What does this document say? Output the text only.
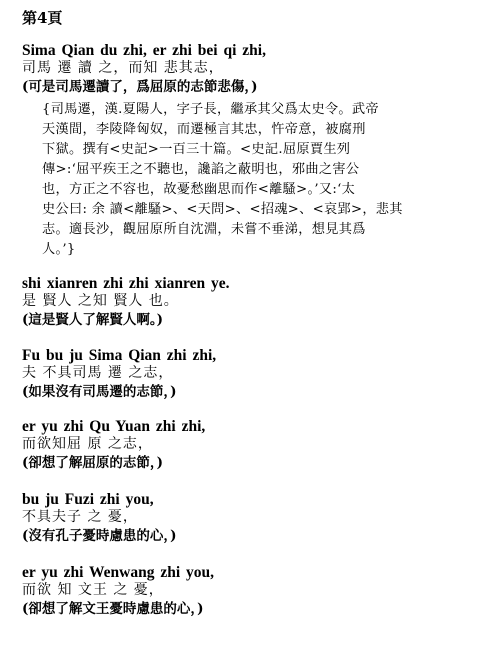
第4頁
Sima Qian du zhi, er zhi bei qi zhi,
司馬 遷 讀 之，而知 悲其志，
(可是司馬遷讀了，爲屈原的志節悲傷，)
{司馬遷，漢.夏陽人，字子長，繼承其父爲太史令。武帝
天漢間，李陵降匈奴，而遷極言其忠，忤帝意，被腐刑
下獄。撰有<史記>一百三十篇。<史記.屈原賈生列
傳>:‘屈平疾王之不聽也，讒諂之蔽明也，邪曲之害公
也，方正之不容也，故憂愁幽思而作<離騷>。’又:‘太
史公曰: 余 讀<離騷>、<天問>、<招魂>、<哀郢>，悲其
志。適長沙，觀屈原所自沈淵，未嘗不垂涕，想見其爲
人。’}
shi xianren zhi zhi xianren ye.
是 賢人 之知 賢人 也。
(這是賢人了解賢人啊。)
Fu bu ju Sima Qian zhi zhi,
夫 不具司馬 遷 之志，
(如果沒有司馬遷的志節，)
er yu zhi Qu Yuan zhi zhi,
而欲知屈 原 之志，
(卻想了解屈原的志節，)
bu ju Fuzi zhi you,
不具夫子 之 憂，
(沒有孔子憂時慮患的心，)
er yu zhi Wenwang zhi you,
而欲 知 文王 之 憂，
(卻想了解文王憂時慮患的心，)
